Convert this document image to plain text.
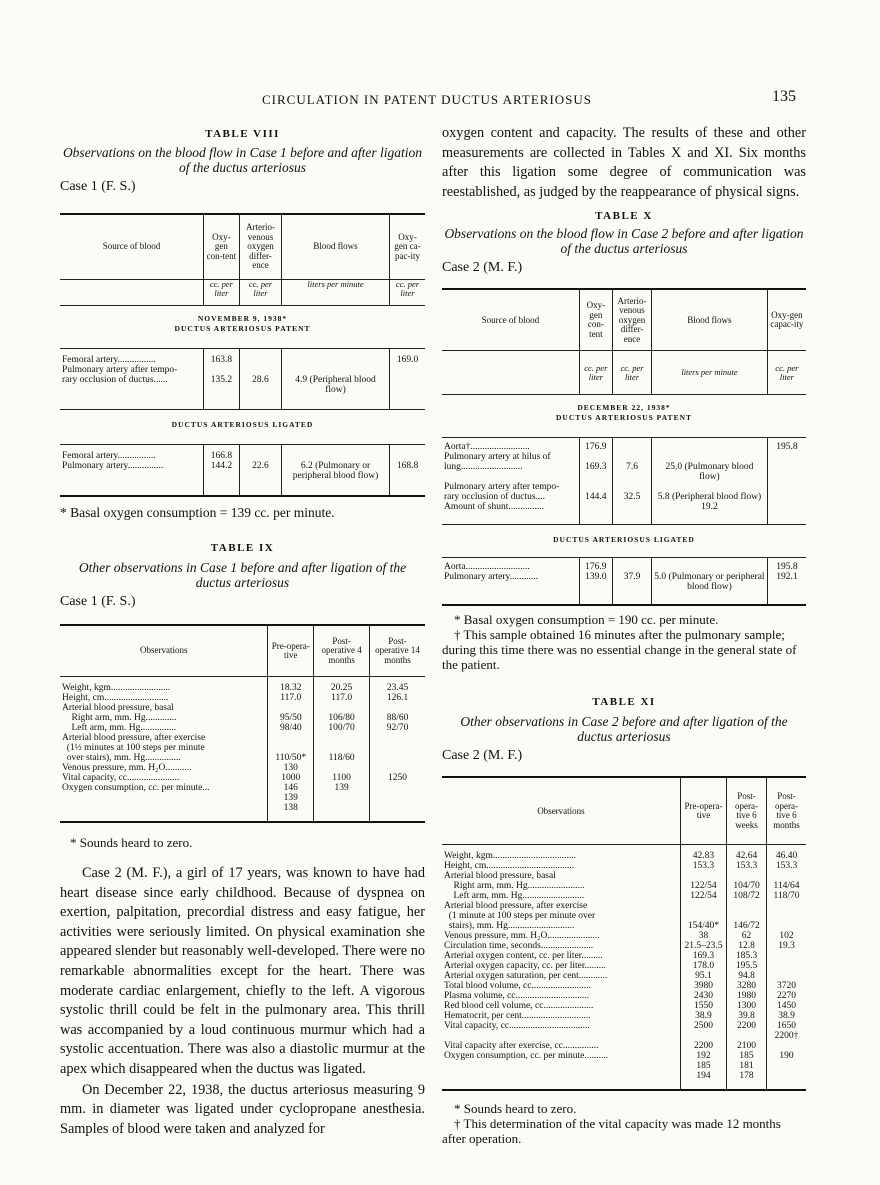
CIRCULATION IN PATENT DUCTUS ARTERIOSUS	135
TABLE VIII
Observations on the blood flow in Case 1 before and after ligation of the ductus arteriosus
Case 1 (F. S.)
Source of blood	Oxy-gen con-tent	Arterio-venous oxygen differ-ence	Blood flows	Oxy-gen ca-pac-ity
	cc. per liter	cc. per liter	liters per minute	cc. per liter
NOVEMBER 9, 1938*				
DUCTUS ARTERIOSUS PATENT				
Femoral artery................	163.8			169.0
Pulmonary artery after tempo-				
rary occlusion of ductus......	135.2	28.6	4.9 (Peripheral blood flow)	
DUCTUS ARTERIOSUS LIGATED				
Femoral artery................	166.8			
Pulmonary artery...............	144.2	22.6	6.2 (Pulmonary or peripheral blood flow)	168.8
* Basal oxygen consumption = 139 cc. per minute.
TABLE IX
Other observations in Case 1 before and after ligation of the ductus arteriosus
Case 1 (F. S.)
Observations	Pre-opera-tive	Post-operative 4 months	Post-operative 14 months
Weight, kgm.........................	18.32	20.25	23.45
Height, cm...........................	117.0	117.0	126.1
Arterial blood pressure, basal			
Right arm, mm. Hg.............	95/50	106/80	88/60
Left arm, mm. Hg...............	98/40	100/70	92/70
Arterial blood pressure, after exercise			
(1½ minutes at 100 steps per minute			
over stairs), mm. Hg...............	110/50*	118/60	
Venous pressure, mm. H₂O...........	130		
Vital capacity, cc......................	1000	1100	1250
Oxygen consumption, cc. per minute...	146	139	
	139		
	138		
* Sounds heard to zero.
Case 2 (M. F.), a girl of 17 years, was known to have had heart disease since early childhood. Because of dyspnea on exertion, palpitation, precordial distress and easy fatigue, her activities were seriously limited. On physical examination she appeared slender but reasonably well-developed. There were no remarkable abnormalities except for the heart. There was moderate cardiac enlargement, chiefly to the left. A vigorous systolic thrill could be felt in the pulmonary area. This thrill was accompanied by a loud continuous murmur which had a systolic accentuation. There was also a diastolic murmur at the apex which disappeared when the ductus was ligated.
On December 22, 1938, the ductus arteriosus measuring 9 mm. in diameter was ligated under cyclopropane anesthesia. Samples of blood were taken and analyzed for
oxygen content and capacity. The results of these and other measurements are collected in Tables X and XI. Six months after this ligation some degree of communication was reestablished, as judged by the reappearance of physical signs.
TABLE X
Observations on the blood flow in Case 2 before and after ligation of the ductus arteriosus
Case 2 (M. F.)
Source of blood	Oxy-gen con-tent	Arterio-venous oxygen differ-ence	Blood flows	Oxy-gen capac-ity
	cc. per liter	cc. per liter	liters per minute	cc. per liter
DECEMBER 22, 1938*				
DUCTUS ARTERIOSUS PATENT				
Aorta†.........................	176.9			195.8
Pulmonary artery at hilus of				
lung..........................	169.3	7.6	25.0 (Pulmonary blood flow)	
Pulmonary artery after tempo-				
rary occlusion of ductus....	144.4	32.5	5.8 (Peripheral blood flow)	
Amount of shunt...............			19.2	
DUCTUS ARTERIOSUS LIGATED				
Aorta...........................	176.9			195.8
Pulmonary artery............	139.0	37.9	5.0 (Pulmonary or peripheral blood flow)	192.1
* Basal oxygen consumption = 190 cc. per minute.
† This sample obtained 16 minutes after the pulmonary sample; during this time there was no essential change in the general state of the patient.
TABLE XI
Other observations in Case 2 before and after ligation of the ductus arteriosus
Case 2 (M. F.)
Observations	Pre-opera-tive	Post-opera-tive 6 weeks	Post-opera-tive 6 months
Weight, kgm...................................	42.83	42.64	46.40
Height, cm.....................................	153.3	153.3	153.3
Arterial blood pressure, basal			
Right arm, mm. Hg........................	122/54	104/70	114/64
Left arm, mm. Hg..........................	122/54	108/72	118/70
Arterial blood pressure, after exercise			
(1 minute at 100 steps per minute over			
stairs), mm. Hg............................	154/40*	146/72	
Venous pressure, mm. H₂O......................	38	62	102
Circulation time, seconds......................	21.5–23.5	12.8	19.3
Arterial oxygen content, cc. per liter.........	169.3	185.3	
Arterial oxygen capacity, cc. per liter.........	178.0	195.5	
Arterial oxygen saturation, per cent............	95.1	94.8	
Total blood volume, cc.........................	3980	3280	3720
Plasma volume, cc...............................	2430	1980	2270
Red blood cell volume, cc.....................	1550	1300	1450
Hematocrit, per cent.............................	38.9	39.8	38.9
Vital capacity, cc..................................	2500	2200	1650
			2200†
Vital capacity after exercise, cc...............	2200	2100	
Oxygen consumption, cc. per minute..........	192	185	190
	185	181	
	194	178	
* Sounds heard to zero.
† This determination of the vital capacity was made 12 months after operation.
